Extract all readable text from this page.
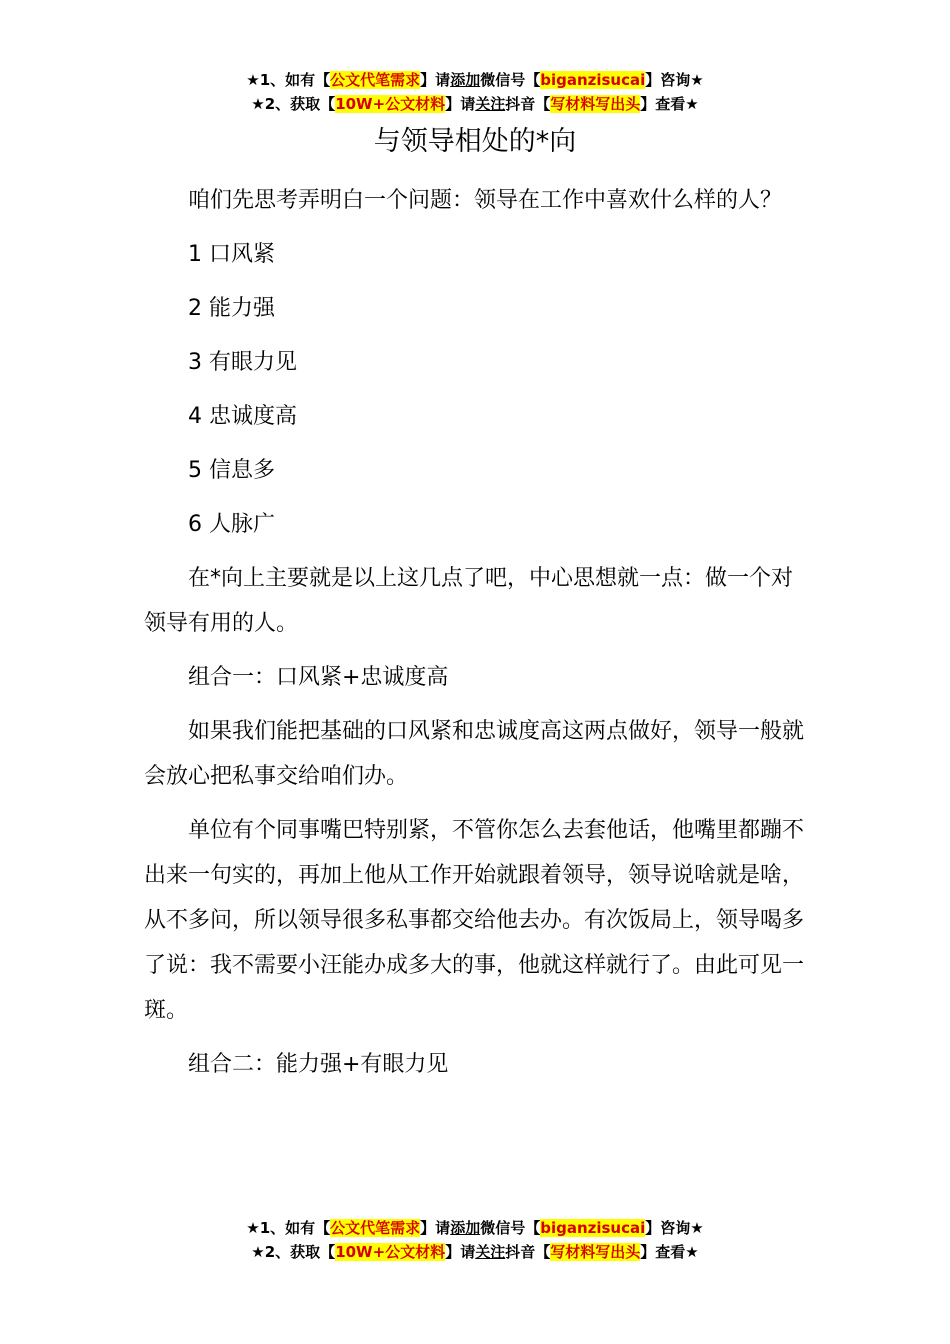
★1、如有【公文代笔需求】请添加微信号【biganzisucai】咨询★
★2、获取【10W+公文材料】请关注抖音【写材料写出头】查看★
与领导相处的*向

咱们先思考弄明白一个问题：领导在工作中喜欢什么样的人？

1 口风紧

2 能力强

3 有眼力见

4 忠诚度高

5 信息多

6 人脉广

在*向上主要就是以上这几点了吧，中心思想就一点：做一个对领导有用的人。

组合一：口风紧+忠诚度高

如果我们能把基础的口风紧和忠诚度高这两点做好，领导一般就会放心把私事交给咱们办。

单位有个同事嘴巴特别紧，不管你怎么去套他话，他嘴里都蹦不出来一句实的，再加上他从工作开始就跟着领导，领导说啥就是啥，从不多问，所以领导很多私事都交给他去办。有次饭局上，领导喝多了说：我不需要小汪能办成多大的事，他就这样就行了。由此可见一斑。

组合二：能力强+有眼力见

★1、如有【公文代笔需求】请添加微信号【biganzisucai】咨询★
★2、获取【10W+公文材料】请关注抖音【写材料写出头】查看★
